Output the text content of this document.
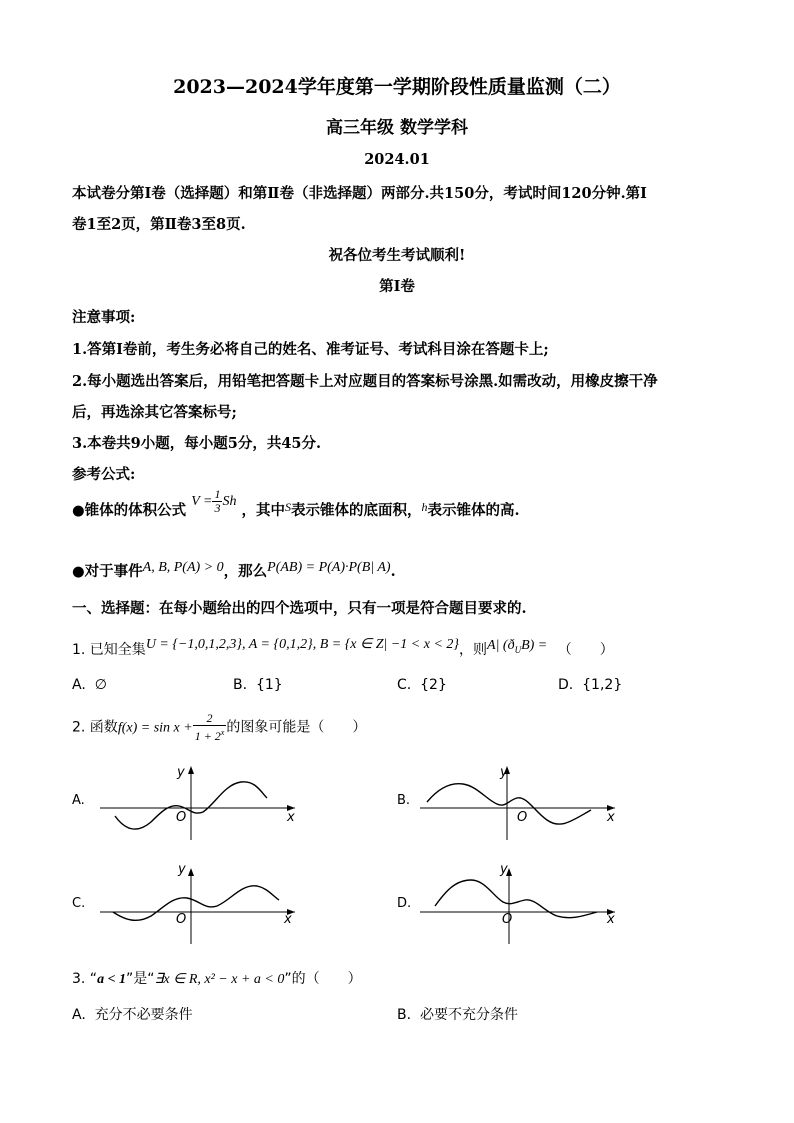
2023—2024学年度第一学期阶段性质量监测（二）
高三年级 数学学科
2024.01
本试卷分第Ⅰ卷（选择题）和第Ⅱ卷（非选择题）两部分.共150分，考试时间120分钟.第Ⅰ
卷1至2页，第Ⅱ卷3至8页.
祝各位考生考试顺利!
第Ⅰ卷
注意事项:
1.答第Ⅰ卷前，考生务必将自己的姓名、准考证号、考试科目涂在答题卡上;
2.每小题选出答案后，用铅笔把答题卡上对应题目的答案标号涂黑.如需改动，用橡皮擦干净
后，再选涂其它答案标号;
3.本卷共9小题，每小题5分，共45分.
参考公式:
●锥体的体积公式 $V = \frac{1}{3}$ Sh ，其中$^S$表示锥体的底面积，$^h$表示锥体的高.
●对于事件A, B, P(A) > 0，那么P(AB) = P(A)·P(B| A).
一、选择题：在每小题给出的四个选项中，只有一项是符合题目要求的.
1. 已知全集U = {−1,0,1,2,3}, A = {0,1,2}, B = {x ∈ Z| −1 < x < 2}，则A| $(ð_UB)$ = （　　）
A. ∅	B. {1}	C. {2}	D. {1,2}
2. 函数$f(x) = \sin x + \frac{2}{1 + 2^x}$ 的图象可能是（　　）
A.
y
O	x
B.
y
O	x
C.
y
O	x
D.
y
O	x
3. “a < 1”是“∃x ∈ R, x² − x + a < 0”的（　　）
A. 充分不必要条件	B. 必要不充分条件
